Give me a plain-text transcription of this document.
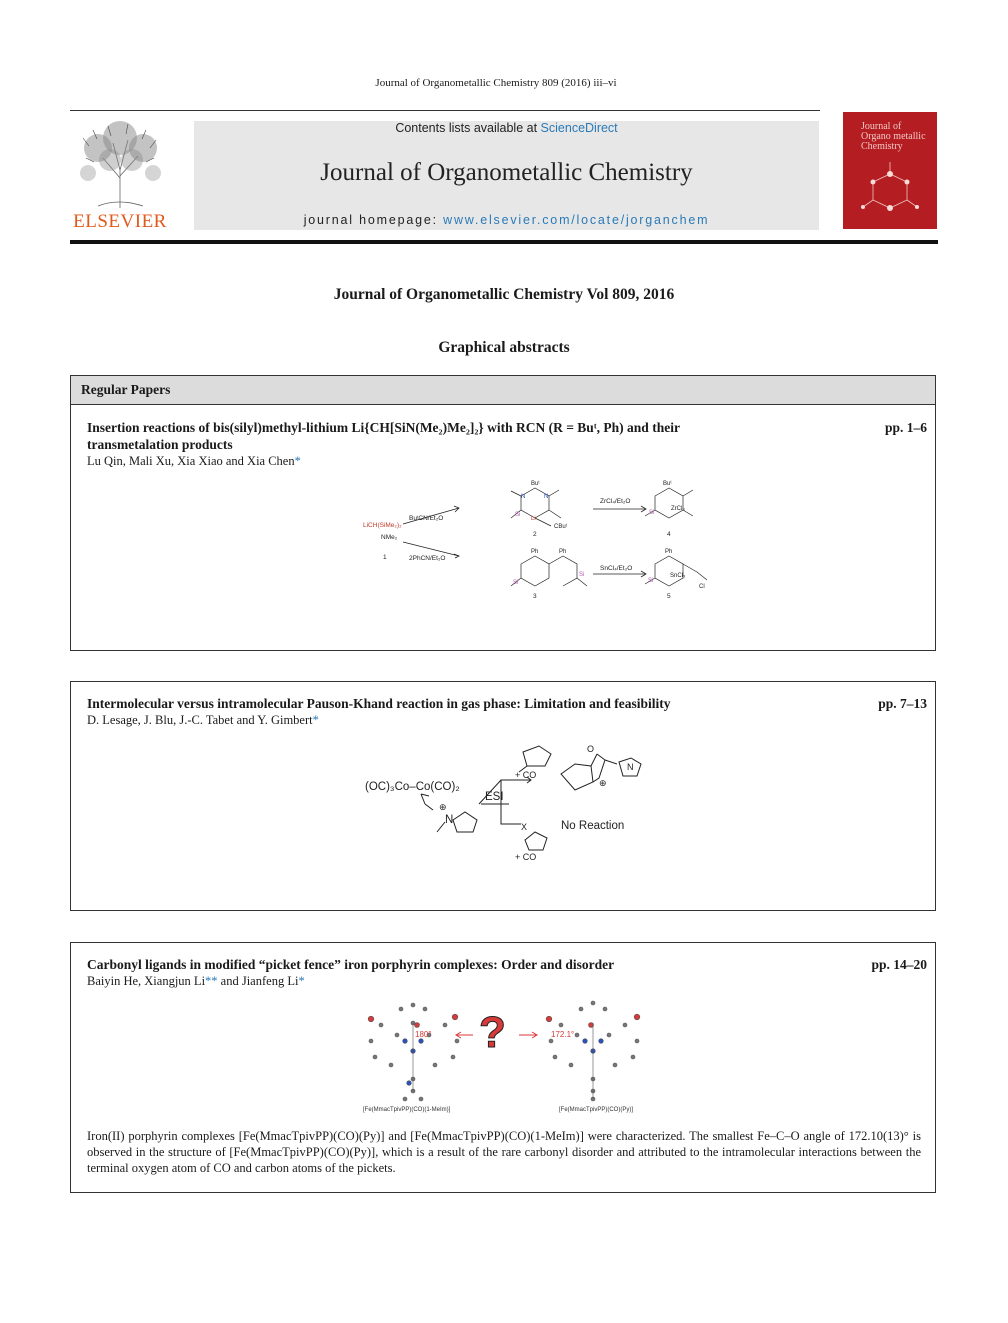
Journal of Organometallic Chemistry 809 (2016) iii–vi
ELSEVIER
Contents lists available at ScienceDirect
Journal of Organometallic Chemistry
journal homepage: www.elsevier.com/locate/jorganchem
Journal of Organo metallic Chemistry
Journal of Organometallic Chemistry Vol 809, 2016
Graphical abstracts
Regular Papers
Insertion reactions of bis(silyl)methyl-lithium Li{CH[SiN(Me₂)Me₂]₂} with RCN (R = Buᵗ, Ph) and their
transmetalation products
pp. 1–6
Lu Qin, Mali Xu, Xia Xiao and Xia Chen*
LiCH(SiMe₂)₂
NMe₂
1
BuᵗCN/Et₂O
2PhCN/Et₂O
ZrCl₄/Et₂O
SnCl₄/Et₂O
2
3
4
5
Buᵗ
N	N
Si
Li
CBuᵗ
Ph	Ph
Si
Si
Buᵗ
Si
ZrCl₃
Ph
Si
SnCl₃
Cl
Intermolecular versus intramolecular Pauson-Khand reaction in gas phase: Limitation and feasibility	pp. 7–13
D. Lesage, J. Blu, J.-C. Tabet and Y. Gimbert*
(OC)₃Co–Co(CO)₂
ESI
No Reaction
N
+ CO
+ CO
X
⊕
⊕
O
N
Carbonyl ligands in modified “picket fence” iron porphyrin complexes: Order and disorder	pp. 14–20
Baiyin He, Xiangjun Li** and Jianfeng Li*
180° ?	172.1°
[Fe(MmacTpivPP)(CO)(1-MeIm)]	[Fe(MmacTpivPP)(CO)(Py)]
Iron(II) porphyrin complexes [Fe(MmacTpivPP)(CO)(Py)] and [Fe(MmacTpivPP)(CO)(1-MeIm)] were characterized. The smallest Fe–C–O angle of 172.10(13)° is observed in the structure of [Fe(MmacTpivPP)(CO)(Py)], which is a result of the rare carbonyl disorder and attributed to the intramolecular interactions between the terminal oxygen atom of CO and carbon atoms of the pickets.
